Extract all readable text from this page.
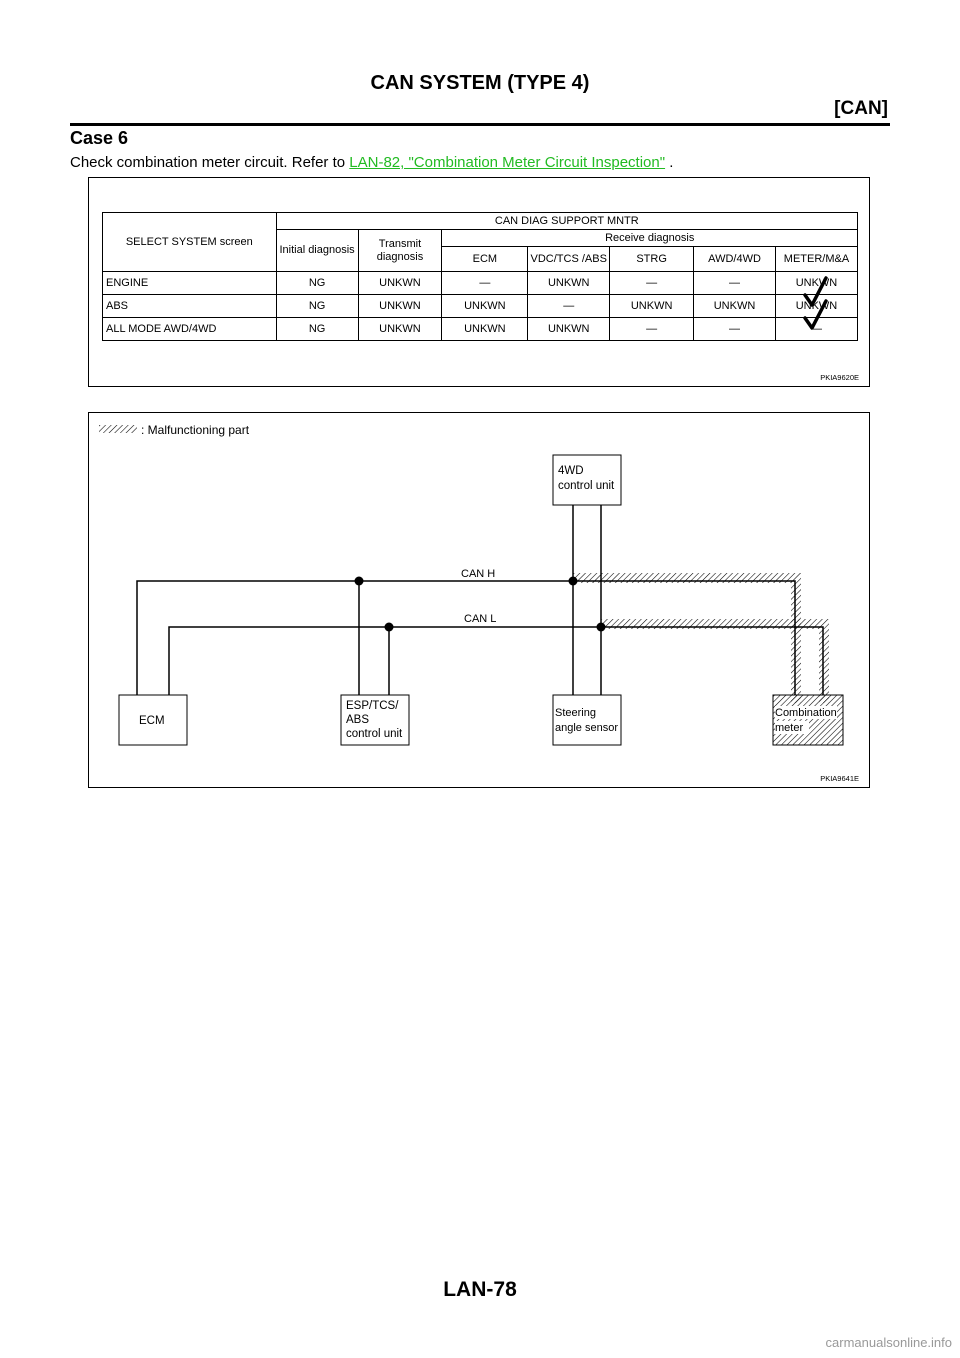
CAN SYSTEM (TYPE 4)
[CAN]
Case 6
Check combination meter circuit. Refer to LAN-82, "Combination Meter Circuit Inspection" .
SELECT SYSTEM screen	CAN DIAG SUPPORT MNTR						
	Initial diagnosis	Transmit diagnosis	Receive diagnosis				
			ECM	VDC/TCS /ABS	STRG	AWD/4WD	METER/M&A
ENGINE	NG	UNKWN	—	UNKWN	—	—	UNKWN
ABS	NG	UNKWN	UNKWN	—	UNKWN	UNKWN	UNKWN
ALL MODE AWD/4WD	NG	UNKWN	UNKWN	UNKWN	—	—	—
PKIA9620E
: Malfunctioning part
CAN H
CAN L
4WD
control unit
ECM
ESP/TCS/
ABS
control unit
Steering
angle sensor
Combination
meter
PKIA9641E
LAN-78
carmanualsonline.info
